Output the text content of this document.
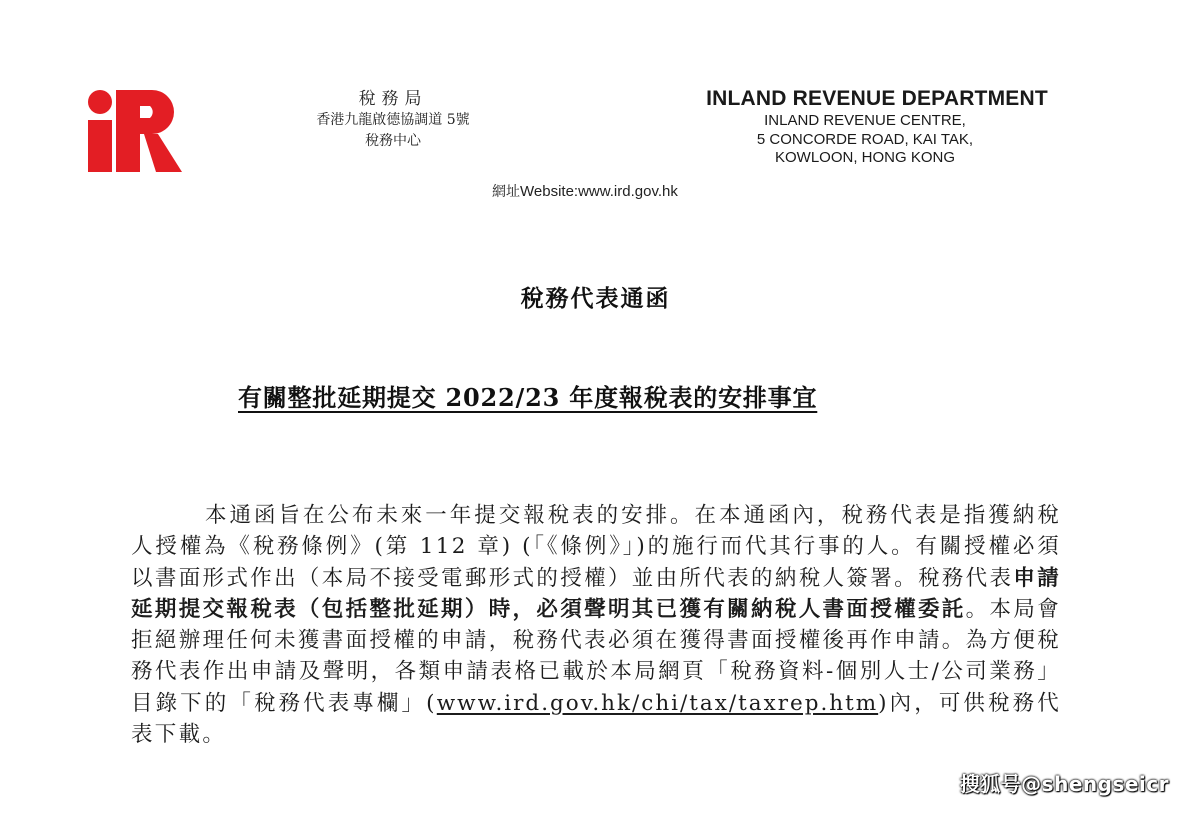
稅務局
香港九龍啟德協調道 5號
稅務中心
INLAND REVENUE DEPARTMENT
INLAND REVENUE CENTRE,
5 CONCORDE ROAD, KAI TAK,
KOWLOON, HONG KONG
網址Website:www.ird.gov.hk
稅務代表通函
有關整批延期提交 2022/23 年度報稅表的安排事宜

本通函旨在公布未來一年提交報稅表的安排。在本通函內，稅務代表是指獲納稅人授權為《稅務條例》(第 112 章) (「《條例》」)的施行而代其行事的人。有關授權必須以書面形式作出（本局不接受電郵形式的授權）並由所代表的納稅人簽署。稅務代表申請延期提交報稅表（包括整批延期）時，必須聲明其已獲有關納稅人書面授權委託。本局會拒絕辦理任何未獲書面授權的申請，稅務代表必須在獲得書面授權後再作申請。為方便稅務代表作出申請及聲明，各類申請表格已載於本局網頁「稅務資料-個別人士/公司業務」目錄下的「稅務代表專欄」(www.ird.gov.hk/chi/tax/taxrep.htm)內，可供稅務代表下載。

搜狐号@shengseicr
